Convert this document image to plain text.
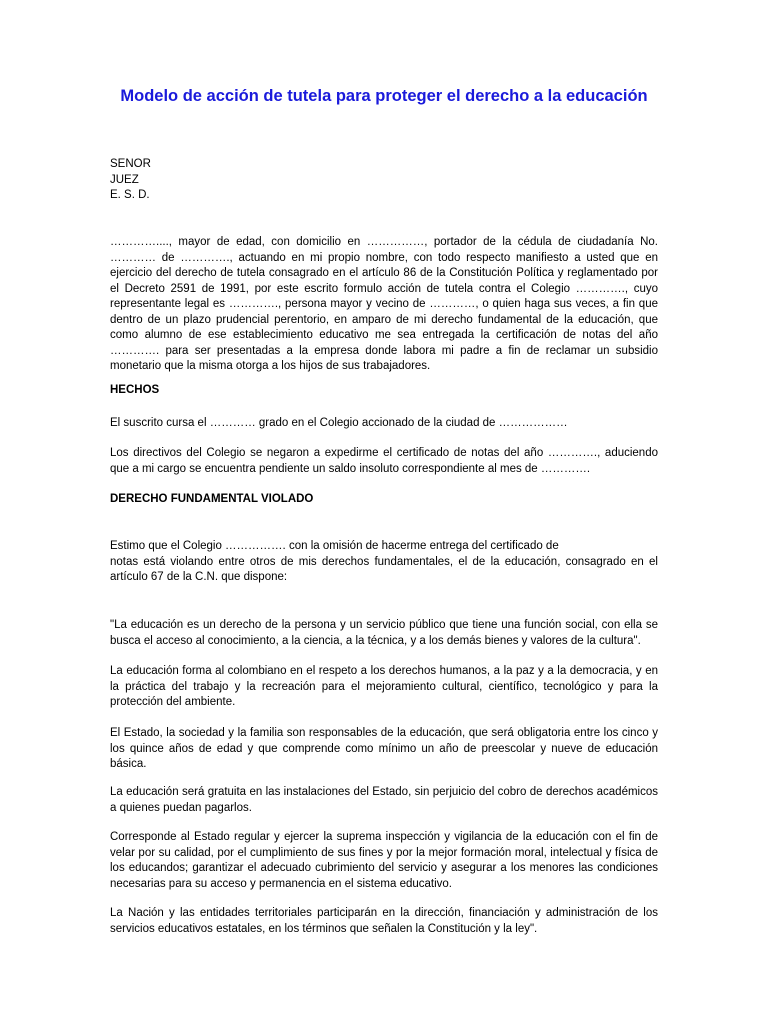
Modelo de acción de tutela para proteger el derecho a la educación
SENOR
JUEZ
E. S. D.
…………...., mayor de edad, con domicilio en ……………, portador de la cédula de ciudadanía No. ………… de …………., actuando en mi propio nombre, con todo respecto manifiesto a usted que en ejercicio del derecho de tutela consagrado en el artículo 86 de la Constitución Política y reglamentado por el Decreto 2591 de 1991, por este escrito formulo acción de tutela contra el Colegio …………., cuyo representante legal es …………., persona mayor y vecino de …………, o quien haga sus veces, a fin que dentro de un plazo prudencial perentorio, en amparo de mi derecho fundamental de la educación, que como alumno de ese establecimiento educativo me sea entregada la certificación de notas del año …………. para ser presentadas a la empresa donde labora mi padre a fin de reclamar un subsidio monetario que la misma otorga a los hijos de sus trabajadores.
HECHOS
El suscrito cursa el ………… grado en el Colegio accionado de la ciudad de ………………
Los directivos del Colegio se negaron a expedirme el certificado de notas del año …………., aduciendo que a mi cargo se encuentra pendiente un saldo insoluto correspondiente al mes de ………….
DERECHO FUNDAMENTAL VIOLADO
Estimo que el Colegio ……………. con la omisión de hacerme entrega del certificado de
notas está violando entre otros de mis derechos fundamentales, el de la educación, consagrado en el artículo 67 de la C.N. que dispone:
"La educación es un derecho de la persona y un servicio público que tiene una función social, con ella se busca el acceso al conocimiento, a la ciencia, a la técnica, y a los demás bienes y valores de la cultura".
La educación forma al colombiano en el respeto a los derechos humanos, a la paz y a la democracia, y en la práctica del trabajo y la recreación para el mejoramiento cultural, científico, tecnológico y para la protección del ambiente.
El Estado, la sociedad y la familia son responsables de la educación, que será obligatoria entre los cinco y los quince años de edad y que comprende como mínimo un año de preescolar y nueve de educación básica.
La educación será gratuita en las instalaciones del Estado, sin perjuicio del cobro de derechos académicos a quienes puedan pagarlos.
Corresponde al Estado regular y ejercer la suprema inspección y vigilancia de la educación con el fin de velar por su calidad, por el cumplimiento de sus fines y por la mejor formación moral, intelectual y física de los educandos; garantizar el adecuado cubrimiento del servicio y asegurar a los menores las condiciones necesarias para su acceso y permanencia en el sistema educativo.
La Nación y las entidades territoriales participarán en la dirección, financiación y administración de los servicios educativos estatales, en los términos que señalen la Constitución y la ley".
